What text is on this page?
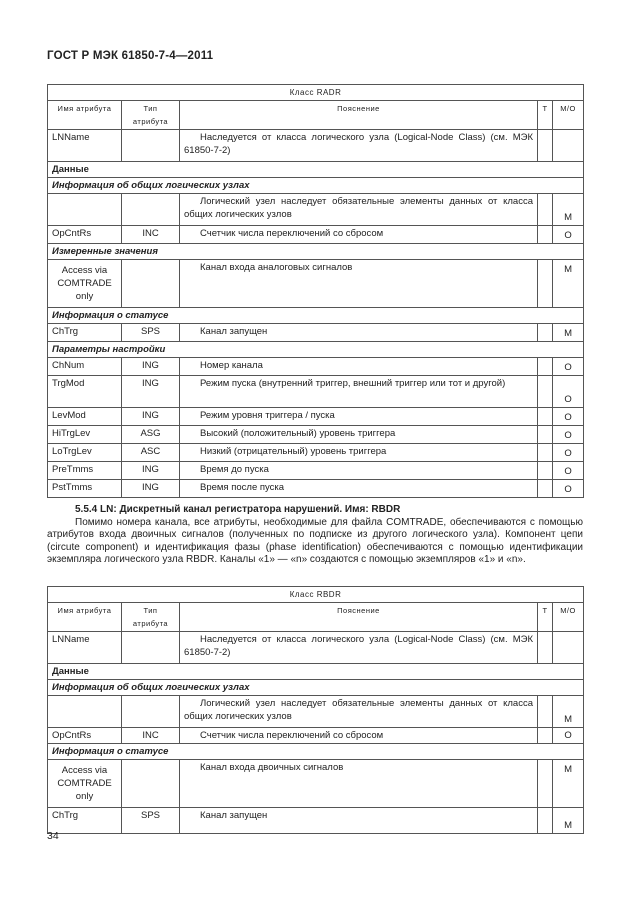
ГОСТ Р МЭК 61850-7-4—2011
Класс RADR				
Имя атрибута	Тип атрибута	Пояснение	Т	М/О
LNName		Наследуется от класса логического узла (Logical-Node Class) (см. МЭК 61850-7-2)		
Данные				
Информация об общих логических узлах				
		Логический узел наследует обязательные элементы данных от класса общих логических узлов		М
OpCntRs	INC	Счетчик числа переключений со сбросом		О
Измеренные значения				
Access via COMTRADE only		Канал входа аналоговых сигналов		М
Информация о статусе				
ChTrg	SPS	Канал запущен		М
Параметры настройки				
ChNum	ING	Номер канала		О
TrgMod	ING	Режим пуска (внутренний триггер, внешний триггер или тот и другой)		О
LevMod	ING	Режим уровня триггера / пуска		О
HiTrgLev	ASG	Высокий (положительный) уровень триггера		О
LoTrgLev	ASC	Низкий (отрицательный) уровень триггера		О
PreTmms	ING	Время до пуска		О
PstTmms	ING	Время после пуска		О

5.5.4 LN: Дискретный канал регистратора нарушений. Имя: RBDR

Помимо номера канала, все атрибуты, необходимые для файла COMTRADE, обеспечиваются с помощью атрибутов входа двоичных сигналов (полученных по подписке из другого логического узла). Компонент цепи (circute component) и идентификация фазы (phase identification) обеспечиваются с помощью идентификации экземпляра логического узла RBDR. Каналы «1» — «n» создаются с помощью экземпляров «1» и «n».

Класс RBDR				
Имя атрибута	Тип атрибута	Пояснение	Т	М/О
LNName		Наследуется от класса логического узла (Logical-Node Class) (см. МЭК 61850-7-2)		
Данные				
Информация об общих логических узлах				
		Логический узел наследует обязательные элементы данных от класса общих логических узлов		М
OpCntRs	INC	Счетчик числа переключений со сбросом		О
Информация о статусе				
Access via COMTRADE only		Канал входа двоичных сигналов		М
ChTrg	SPS	Канал запущен		М
34
